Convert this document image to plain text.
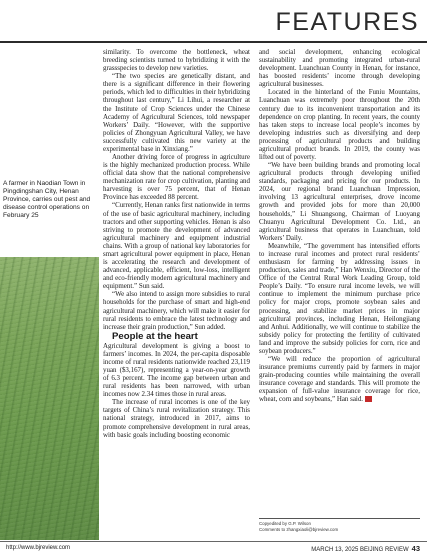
FEATURES
A farmer in Naodian Town in Pingdingshan City, Henan Province, carries out pest and disease control operations on February 25

similarity. To overcome the bottleneck, wheat breeding scientists turned to hybridizing it with the grassspecies to develop new varieties.

“The two species are genetically distant, and there is a significant difference in their flowering periods, which led to difficulties in their hybridizing throughout last century,” Li Lihui, a researcher at the Institute of Crop Sciences under the Chinese Academy of Agricultural Sciences, told newspaper Workers’ Daily. “However, with the supportive policies of Zhongyuan Agricultural Valley, we have successfully cultivated this new variety at the experimental base in Xinxiang.”

Another driving force of progress in agriculture is the highly mechanized production process. While official data show that the national comprehensive mechanization rate for crop cultivation, planting and harvesting is over 75 percent, that of Henan Province has exceeded 88 percent.

“Currently, Henan ranks first nationwide in terms of the use of basic agricultural machinery, including tractors and other supporting vehicles. Henan is also striving to promote the development of advanced agricultural machinery and equipment industrial chains. With a group of national key laboratories for smart agricultural power equipment in place, Henan is accelerating the research and development of advanced, applicable, efficient, low-loss, intelligent and eco-friendly modern agricultural machinery and equipment.” Sun said.

“We also intend to assign more subsidies to rural households for the purchase of smart and high-end agricultural machinery, which will make it easier for rural residents to embrace the latest technology and increase their grain production,” Sun added.

People at the heart

Agricultural development is giving a boost to farmers’ incomes. In 2024, the per-capita disposable income of rural residents nationwide reached 23,119 yuan ($3,167), representing a year-on-year growth of 6.3 percent. The income gap between urban and rural residents has been narrowed, with urban incomes now 2.34 times those in rural areas.

The increase of rural incomes is one of the key targets of China’s rural revitalization strategy. This national strategy, introduced in 2017, aims to promote comprehensive development in rural areas, with basic goals including boosting economic

and social development, enhancing ecological sustainability and promoting integrated urban-rural development. Luanchuan County in Henan, for instance, has boosted residents’ income through developing agricultural businesses.

Located in the hinterland of the Funiu Mountains, Luanchuan was extremely poor throughout the 20th century due to its inconvenient transportation and its dependence on crop planting. In recent years, the county has taken steps to increase local people’s incomes by developing industries such as diversifying and deep processing of agricultural products and building agricultural product brands. In 2019, the county was lifted out of poverty.

“We have been building brands and promoting local agricultural products through developing unified standards, packaging and pricing for our products. In 2024, our regional brand Luanchuan Impression, involving 13 agricultural enterprises, drove income growth and provided jobs for more than 20,000 households,” Li Shuangsong, Chairman of Luoyang Chuanyu Agricultural Development Co. Ltd., an agricultural business that operates in Luanchuan, told Workers’ Daily.

Meanwhile, “The government has intensified efforts to increase rural incomes and protect rural residents’ enthusiasm for farming by addressing issues in production, sales and trade,” Han Wenxiu, Director of the Office of the Central Rural Work Leading Group, told People’s Daily. “To ensure rural income levels, we will continue to implement the minimum purchase price policy for major crops, promote soybean sales and processing, and stabilize market prices in major agricultural provinces, including Henan, Heilongjiang and Anhui. Additionally, we will continue to stabilize the subsidy policy for protecting the fertility of cultivated land and improve the subsidy policies for corn, rice and soybean producers.”

“We will reduce the proportion of agricultural insurance premiums currently paid by farmers in major grain-producing counties while maintaining the overall insurance coverage and standards. This will promote the expansion of full-value insurance coverage for rice, wheat, corn and soybeans,” Han said.

Copyedited by G.P. Wilson
Comments to zhangxiaoli@bjreview.com
http://www.bjreview.com	MARCH 13, 2025 BEIJING REVIEW 43
